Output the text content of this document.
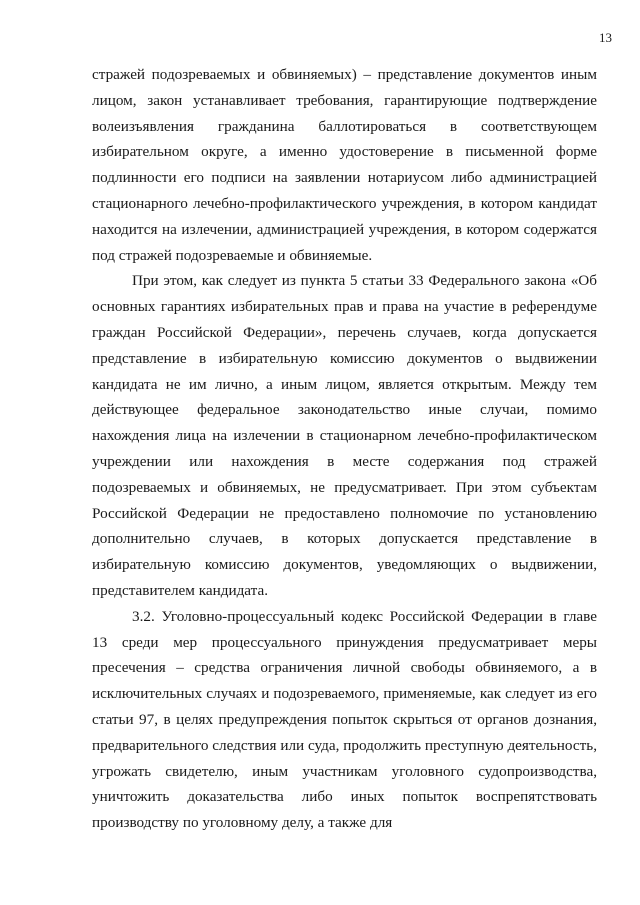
13

стражей подозреваемых и обвиняемых) – представление документов иным лицом, закон устанавливает требования, гарантирующие подтверждение волеизъявления гражданина баллотироваться в соответствующем избирательном округе, а именно удостоверение в письменной форме подлинности его подписи на заявлении нотариусом либо администрацией стационарного лечебно-профилактического учреждения, в котором кандидат находится на излечении, администрацией учреждения, в котором содержатся под стражей подозреваемые и обвиняемые.

При этом, как следует из пункта 5 статьи 33 Федерального закона «Об основных гарантиях избирательных прав и права на участие в референдуме граждан Российской Федерации», перечень случаев, когда допускается представление в избирательную комиссию документов о выдвижении кандидата не им лично, а иным лицом, является открытым. Между тем действующее федеральное законодательство иные случаи, помимо нахождения лица на излечении в стационарном лечебно-профилактическом учреждении или нахождения в месте содержания под стражей подозреваемых и обвиняемых, не предусматривает. При этом субъектам Российской Федерации не предоставлено полномочие по установлению дополнительно случаев, в которых допускается представление в избирательную комиссию документов, уведомляющих о выдвижении, представителем кандидата.

3.2. Уголовно-процессуальный кодекс Российской Федерации в главе 13 среди мер процессуального принуждения предусматривает меры пресечения – средства ограничения личной свободы обвиняемого, а в исключительных случаях и подозреваемого, применяемые, как следует из его статьи 97, в целях предупреждения попыток скрыться от органов дознания, предварительного следствия или суда, продолжить преступную деятельность, угрожать свидетелю, иным участникам уголовного судопроизводства, уничтожить доказательства либо иных попыток воспрепятствовать производству по уголовному делу, а также для
